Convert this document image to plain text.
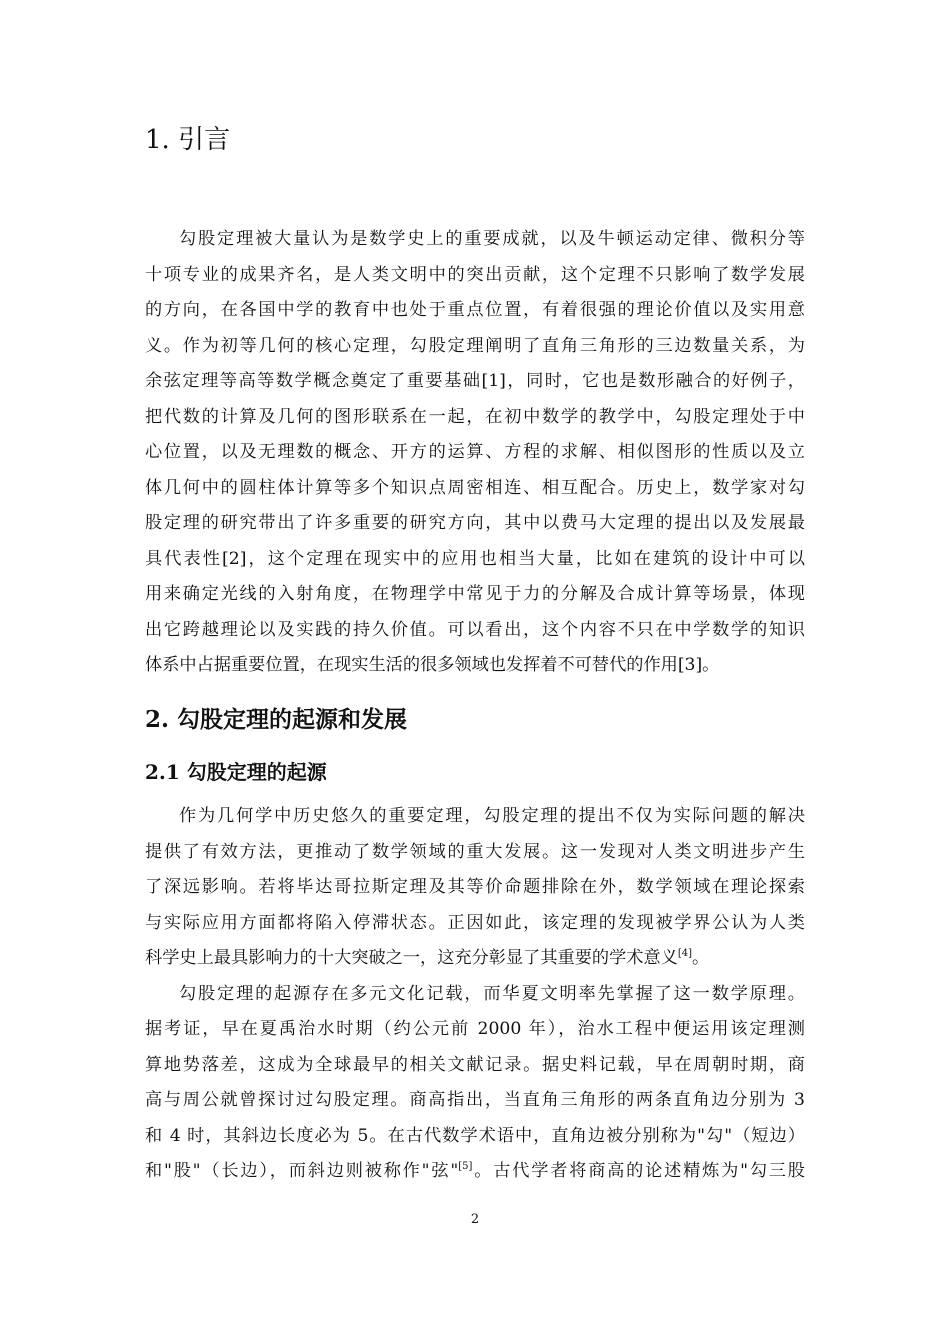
1. 引言
勾股定理被大量认为是数学史上的重要成就，以及牛顿运动定律、微积分等
十项专业的成果齐名，是人类文明中的突出贡献，这个定理不只影响了数学发展
的方向，在各国中学的教育中也处于重点位置，有着很强的理论价值以及实用意
义。作为初等几何的核心定理，勾股定理阐明了直角三角形的三边数量关系，为
余弦定理等高等数学概念奠定了重要基础[1]，同时，它也是数形融合的好例子，
把代数的计算及几何的图形联系在一起，在初中数学的教学中，勾股定理处于中
心位置，以及无理数的概念、开方的运算、方程的求解、相似图形的性质以及立
体几何中的圆柱体计算等多个知识点周密相连、相互配合。历史上，数学家对勾
股定理的研究带出了许多重要的研究方向，其中以费马大定理的提出以及发展最
具代表性[2]，这个定理在现实中的应用也相当大量，比如在建筑的设计中可以
用来确定光线的入射角度，在物理学中常见于力的分解及合成计算等场景，体现
出它跨越理论以及实践的持久价值。可以看出，这个内容不只在中学数学的知识
体系中占据重要位置，在现实生活的很多领域也发挥着不可替代的作用[3]。
2. 勾股定理的起源和发展
2.1 勾股定理的起源
作为几何学中历史悠久的重要定理，勾股定理的提出不仅为实际问题的解决
提供了有效方法，更推动了数学领域的重大发展。这一发现对人类文明进步产生
了深远影响。若将毕达哥拉斯定理及其等价命题排除在外，数学领域在理论探索
与实际应用方面都将陷入停滞状态。正因如此，该定理的发现被学界公认为人类
科学史上最具影响力的十大突破之一，这充分彰显了其重要的学术意义[4]。
勾股定理的起源存在多元文化记载，而华夏文明率先掌握了这一数学原理。
据考证，早在夏禹治水时期（约公元前 2000 年），治水工程中便运用该定理测
算地势落差，这成为全球最早的相关文献记录。据史料记载，早在周朝时期，商
高与周公就曾探讨过勾股定理。商高指出，当直角三角形的两条直角边分别为 3
和 4 时，其斜边长度必为 5。在古代数学术语中，直角边被分别称为"勾"（短边）
和"股"（长边），而斜边则被称作"弦"[5]。古代学者将商高的论述精炼为"勾三股
2
